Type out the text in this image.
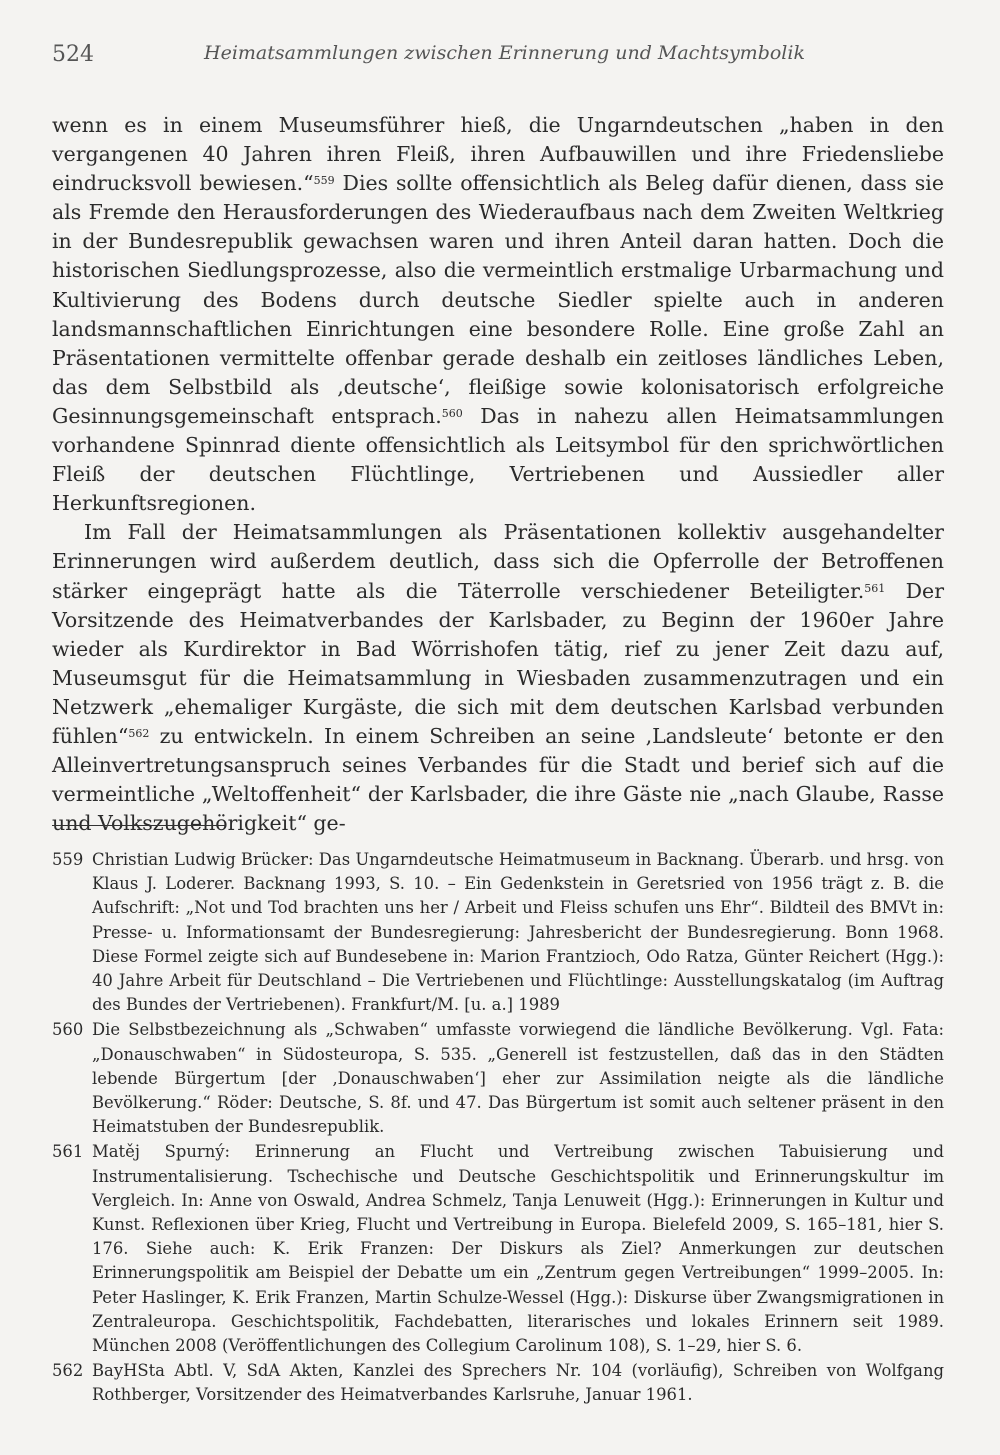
524	Heimatsammlungen zwischen Erinnerung und Machtsymbolik

wenn es in einem Museumsführer hieß, die Ungarndeutschen „haben in den vergangenen 40 Jahren ihren Fleiß, ihren Aufbauwillen und ihre Friedensliebe eindrucksvoll bewiesen.“$^{559}$ Dies sollte offensichtlich als Beleg dafür dienen, dass sie als Fremde den Herausforderungen des Wiederaufbaus nach dem Zweiten Weltkrieg in der Bundesrepublik gewachsen waren und ihren Anteil daran hatten. Doch die historischen Siedlungsprozesse, also die vermeintlich erstmalige Urbarmachung und Kultivierung des Bodens durch deutsche Siedler spielte auch in anderen landsmannschaftlichen Einrichtungen eine besondere Rolle. Eine große Zahl an Präsentationen vermittelte offenbar gerade deshalb ein zeitloses ländliches Leben, das dem Selbstbild als ‚deutsche‘, fleißige sowie kolonisatorisch erfolgreiche Gesinnungsgemeinschaft entsprach.$^{560}$ Das in nahezu allen Heimatsammlungen vorhandene Spinnrad diente offensichtlich als Leitsymbol für den sprichwörtlichen Fleiß der deutschen Flüchtlinge, Vertriebenen und Aussiedler aller Herkunftsregionen.

Im Fall der Heimatsammlungen als Präsentationen kollektiv ausgehandelter Erinnerungen wird außerdem deutlich, dass sich die Opferrolle der Betroffenen stärker eingeprägt hatte als die Täterrolle verschiedener Beteiligter.$^{561}$ Der Vorsitzende des Heimatverbandes der Karlsbader, zu Beginn der 1960er Jahre wieder als Kurdirektor in Bad Wörrishofen tätig, rief zu jener Zeit dazu auf, Museumsgut für die Heimatsammlung in Wiesbaden zusammenzutragen und ein Netzwerk „ehemaliger Kurgäste, die sich mit dem deutschen Karlsbad verbunden fühlen“$^{562}$ zu entwickeln. In einem Schreiben an seine ‚Landsleute‘ betonte er den Alleinvertretungsanspruch seines Verbandes für die Stadt und berief sich auf die vermeintliche „Weltoffenheit“ der Karlsbader, die ihre Gäste nie „nach Glaube, Rasse und Volkszugehörigkeit“ ge-

559 Christian Ludwig Brücker: Das Ungarndeutsche Heimatmuseum in Backnang. Überarb. und hrsg. von Klaus J. Loderer. Backnang 1993, S. 10. – Ein Gedenkstein in Geretsried von 1956 trägt z. B. die Aufschrift: „Not und Tod brachten uns her / Arbeit und Fleiss schufen uns Ehr“. Bildteil des BMVt in: Presse- u. Informationsamt der Bundesregierung: Jahresbericht der Bundesregierung. Bonn 1968. Diese Formel zeigte sich auf Bundesebene in: Marion Frantzioch, Odo Ratza, Günter Reichert (Hgg.): 40 Jahre Arbeit für Deutschland – Die Vertriebenen und Flüchtlinge: Ausstellungskatalog (im Auftrag des Bundes der Vertriebenen). Frankfurt/M. [u. a.] 1989
560 Die Selbstbezeichnung als „Schwaben“ umfasste vorwiegend die ländliche Bevölkerung. Vgl. Fata: „Donauschwaben“ in Südosteuropa, S. 535. „Generell ist festzustellen, daß das in den Städten lebende Bürgertum [der ‚Donauschwaben‘] eher zur Assimilation neigte als die ländliche Bevölkerung.“ Röder: Deutsche, S. 8f. und 47. Das Bürgertum ist somit auch seltener präsent in den Heimatstuben der Bundesrepublik.
561 Matěj Spurný: Erinnerung an Flucht und Vertreibung zwischen Tabuisierung und Instrumentalisierung. Tschechische und Deutsche Geschichtspolitik und Erinnerungskultur im Vergleich. In: Anne von Oswald, Andrea Schmelz, Tanja Lenuweit (Hgg.): Erinnerungen in Kultur und Kunst. Reflexionen über Krieg, Flucht und Vertreibung in Europa. Bielefeld 2009, S. 165–181, hier S. 176. Siehe auch: K. Erik Franzen: Der Diskurs als Ziel? Anmerkungen zur deutschen Erinnerungspolitik am Beispiel der Debatte um ein „Zentrum gegen Vertreibungen“ 1999–2005. In: Peter Haslinger, K. Erik Franzen, Martin Schulze-Wessel (Hgg.): Diskurse über Zwangsmigrationen in Zentraleuropa. Geschichtspolitik, Fachdebatten, literarisches und lokales Erinnern seit 1989. München 2008 (Veröffentlichungen des Collegium Carolinum 108), S. 1–29, hier S. 6.
562 BayHSta Abtl. V, SdA Akten, Kanzlei des Sprechers Nr. 104 (vorläufig), Schreiben von Wolfgang Rothberger, Vorsitzender des Heimatverbandes Karlsruhe, Januar 1961.
